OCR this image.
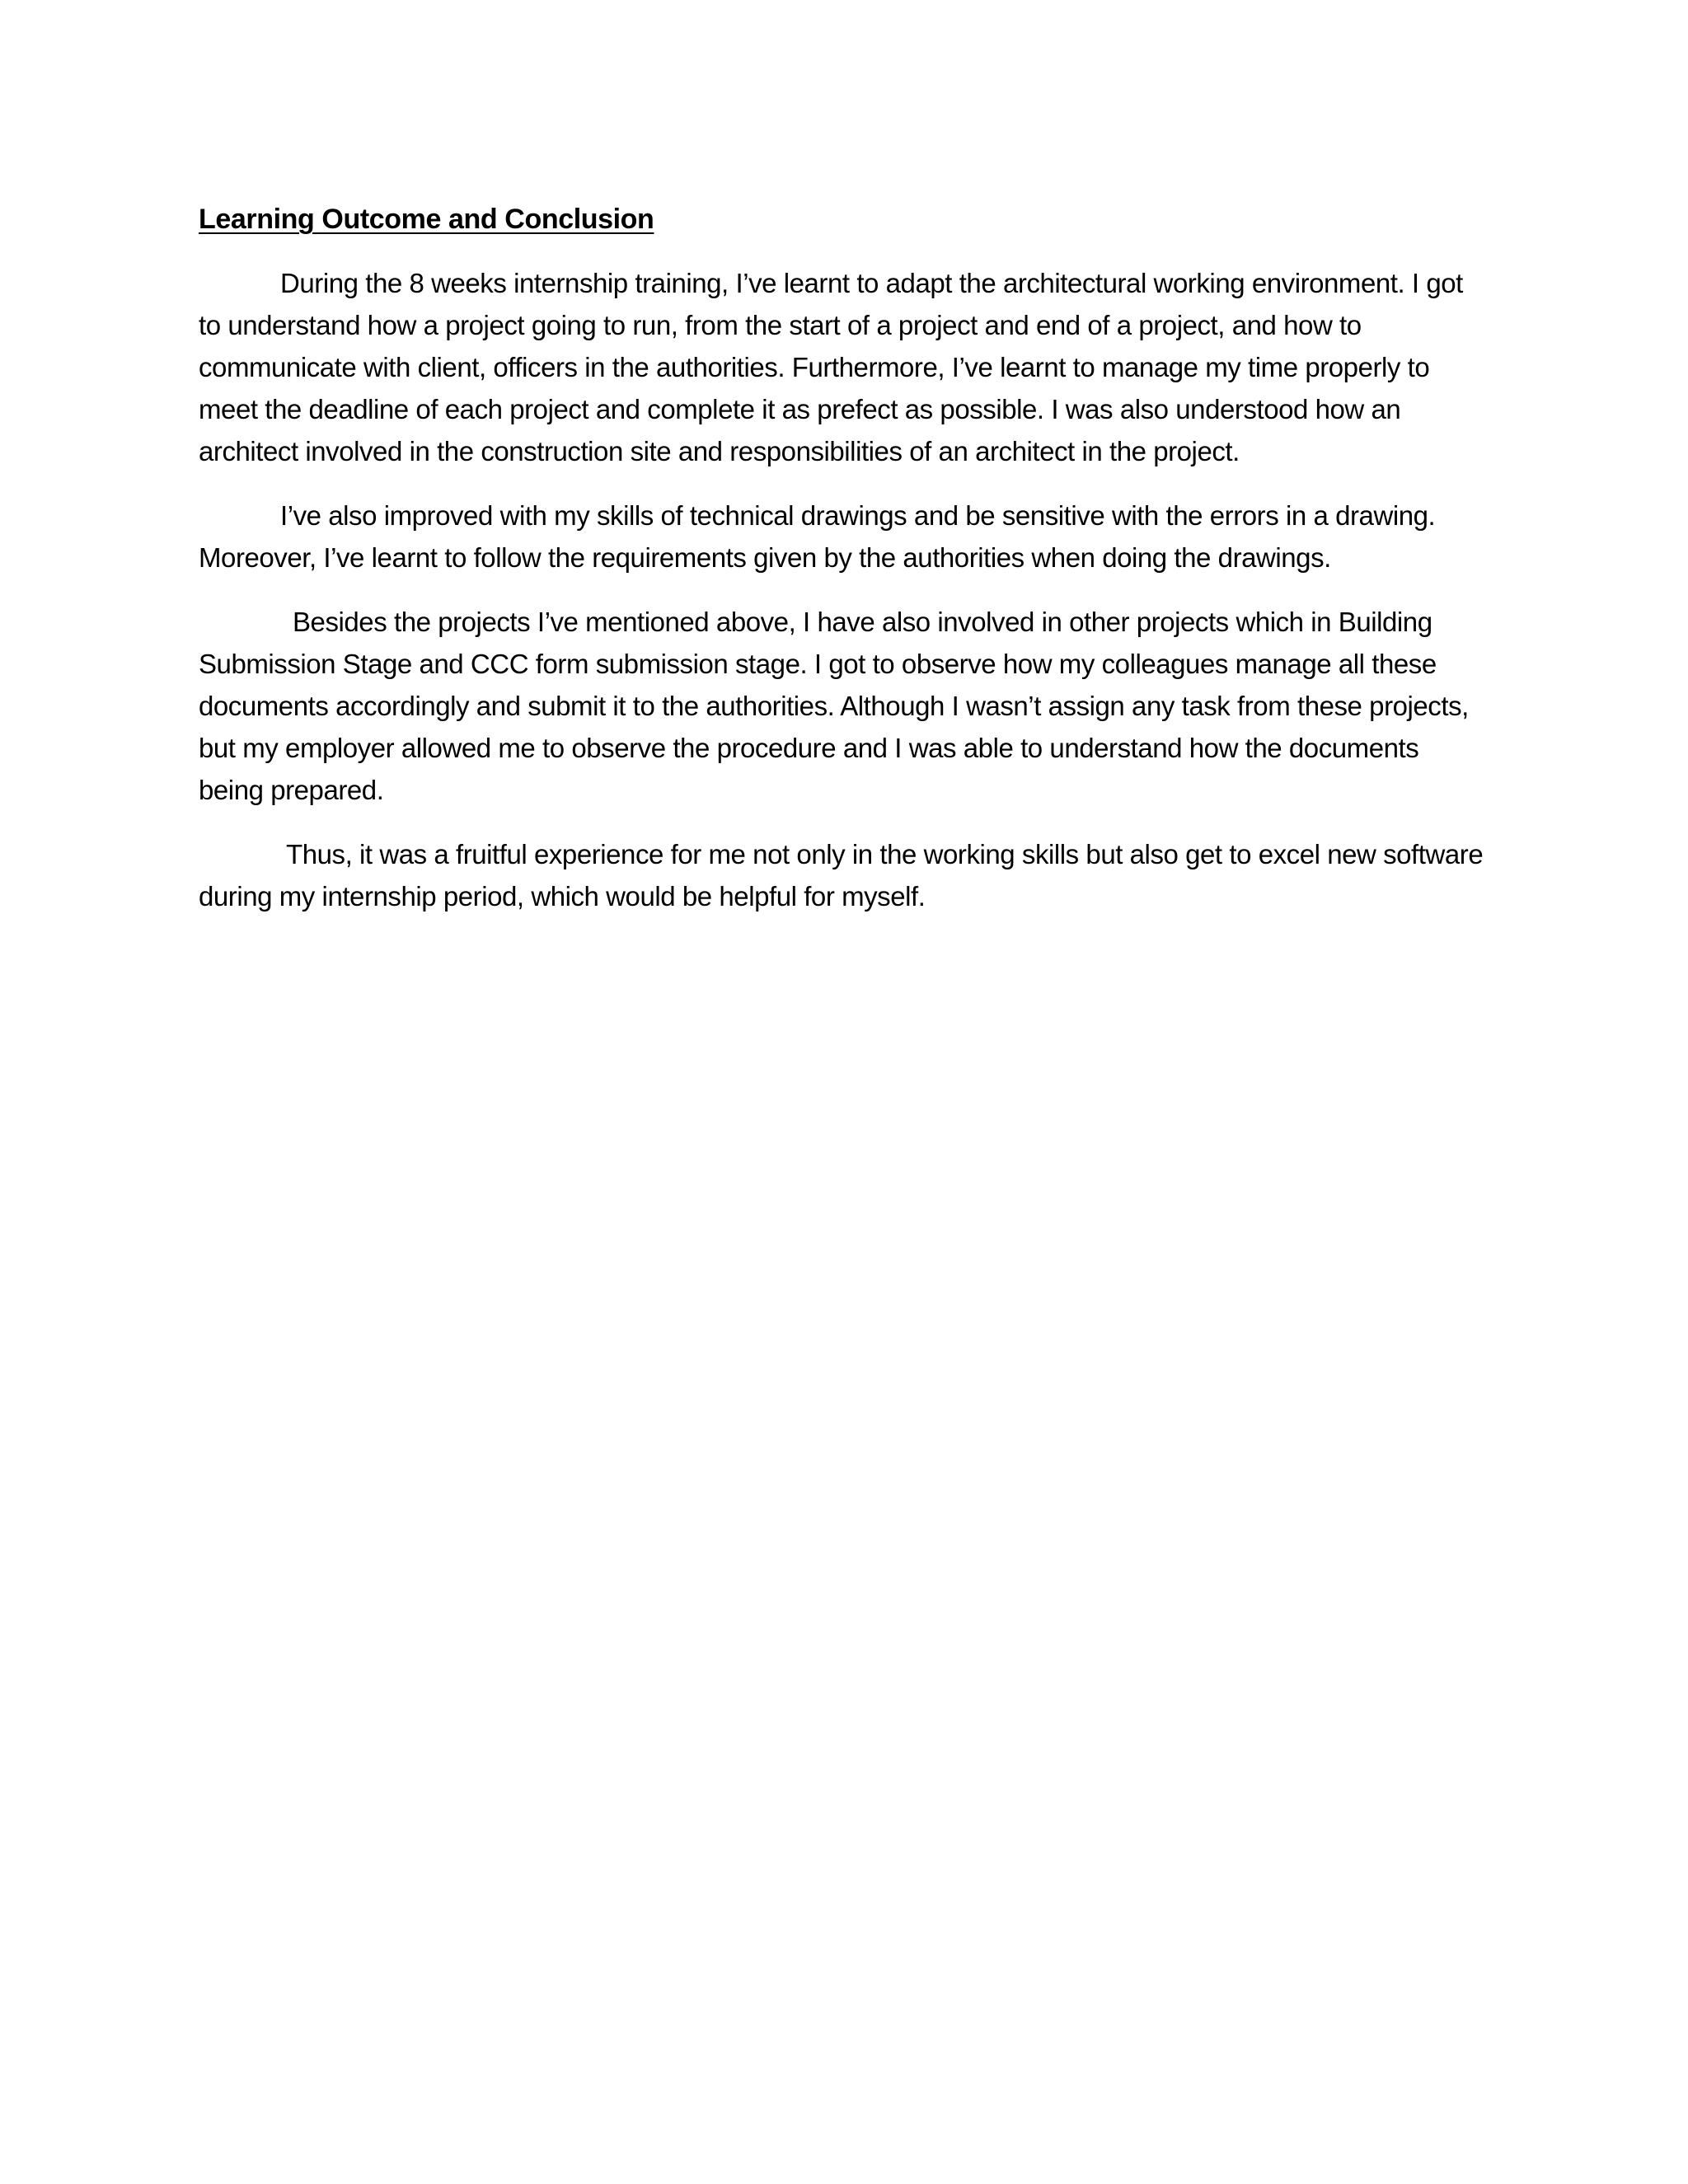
Learning Outcome and Conclusion

During the 8 weeks internship training, I’ve learnt to adapt the architectural working environment. I got to understand how a project going to run, from the start of a project and end of a project, and how to communicate with client, officers in the authorities. Furthermore, I’ve learnt to manage my time properly to meet the deadline of each project and complete it as prefect as possible. I was also understood how an architect involved in the construction site and responsibilities of an architect in the project.

I’ve also improved with my skills of technical drawings and be sensitive with the errors in a drawing. Moreover, I’ve learnt to follow the requirements given by the authorities when doing the drawings.

Besides the projects I’ve mentioned above, I have also involved in other projects which in Building Submission Stage and CCC form submission stage. I got to observe how my colleagues manage all these documents accordingly and submit it to the authorities. Although I wasn’t assign any task from these projects, but my employer allowed me to observe the procedure and I was able to understand how the documents being prepared.

Thus, it was a fruitful experience for me not only in the working skills but also get to excel new software during my internship period, which would be helpful for myself.
